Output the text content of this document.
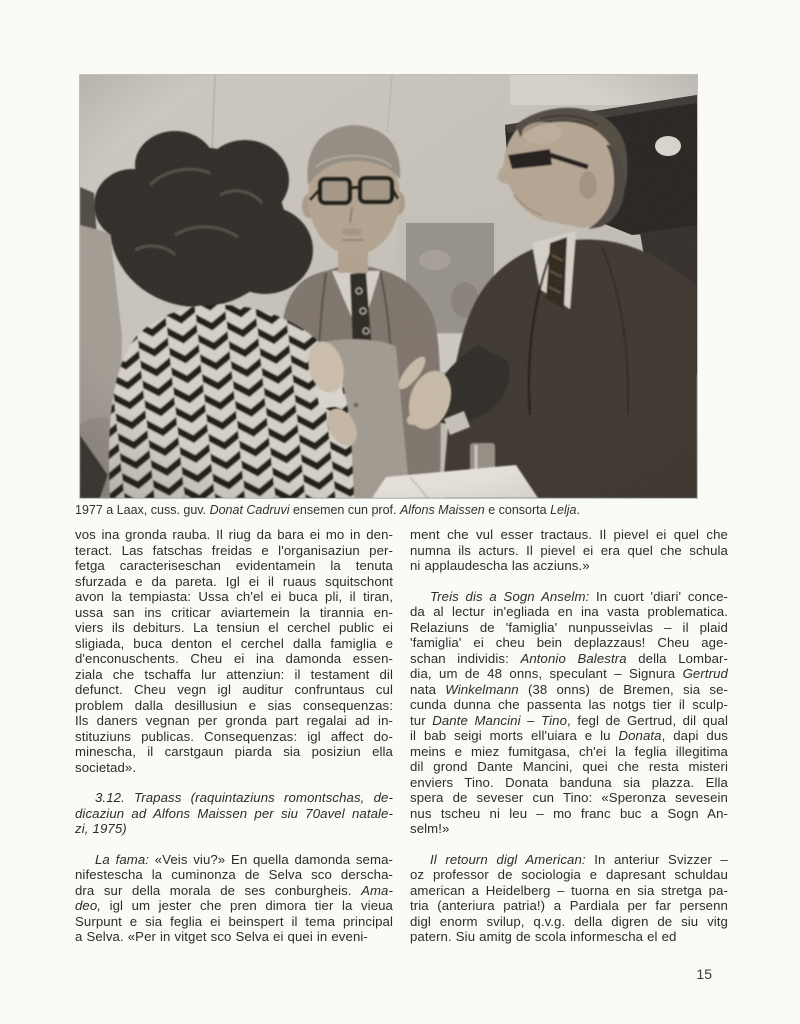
1977 a Laax, cuss. guv. Donat Cadruvi ensemen cun prof. Alfons Maissen e consorta Lelja.

vos ina gronda rauba. Il riug da bara ei mo in den-
teract. Las fatschas freidas e l'organisaziun per-
fetga caracteriseschan evidentamein la tenuta
sfurzada e da pareta. Igl ei il ruaus squitschont
avon la tempiasta: Ussa ch'el ei buca pli, il tiran,
ussa san ins criticar aviartemein la tirannia en-
viers ils debiturs. La tensiun el cerchel public ei
sligiada, buca denton el cerchel dalla famiglia e
d'enconuschents. Cheu ei ina damonda essen-
ziala che tschaffa lur attenziun: il testament dil
defunct. Cheu vegn igl auditur confruntaus cul
problem dalla desillusiun e sias consequenzas:
Ils daners vegnan per gronda part regalai ad in-
stituziuns publicas. Consequenzas: igl affect do-
minescha, il carstgaun piarda sia posiziun ella
societad».
3.12. Trapass (raquintaziuns romontschas, de-
dicaziun ad Alfons Maissen per siu 70avel natale-
zi, 1975)
La fama: «Veis viu?» En quella damonda sema-
nifestescha la cuminonza de Selva sco derscha-
dra sur della morala de ses conburgheis. Ama-
deo, igl um jester che pren dimora tier la vieua
Surpunt e sia feglia ei beinspert il tema principal
a Selva. «Per in vitget sco Selva ei quei in eveni-
ment che vul esser tractaus. Il pievel ei quel che
numna ils acturs. Il pievel ei era quel che schula
ni applaudescha las acziuns.»
Treis dis a Sogn Anselm: In cuort 'diari' conce-
da al lectur in'egliada en ina vasta problematica.
Relaziuns de 'famiglia' nunpusseivlas – il plaid
'famiglia' ei cheu bein deplazzaus! Cheu age-
schan individis: Antonio Balestra della Lombar-
dia, um de 48 onns, speculant – Signura Gertrud
nata Winkelmann (38 onns) de Bremen, sia se-
cunda dunna che passenta las notgs tier il sculp-
tur Dante Mancini – Tino, fegl de Gertrud, dil qual
il bab seigi morts ell'uiara e lu Donata, dapi dus
meins e miez fumitgasa, ch'ei la feglia illegitima
dil grond Dante Mancini, quei che resta misteri
enviers Tino. Donata banduna sia plazza. Ella
spera de seveser cun Tino: «Speronza sevesein
nus tscheu ni leu – mo franc buc a Sogn An-
selm!»
Il retourn digl American: In anteriur Svizzer –
oz professor de sociologia e dapresant schuldau
american a Heidelberg – tuorna en sia stretga pa-
tria (anteriura patria!) a Pardiala per far persenn
digl enorm svilup, q.v.g. della digren de siu vitg
patern. Siu amitg de scola informescha el ed
15
